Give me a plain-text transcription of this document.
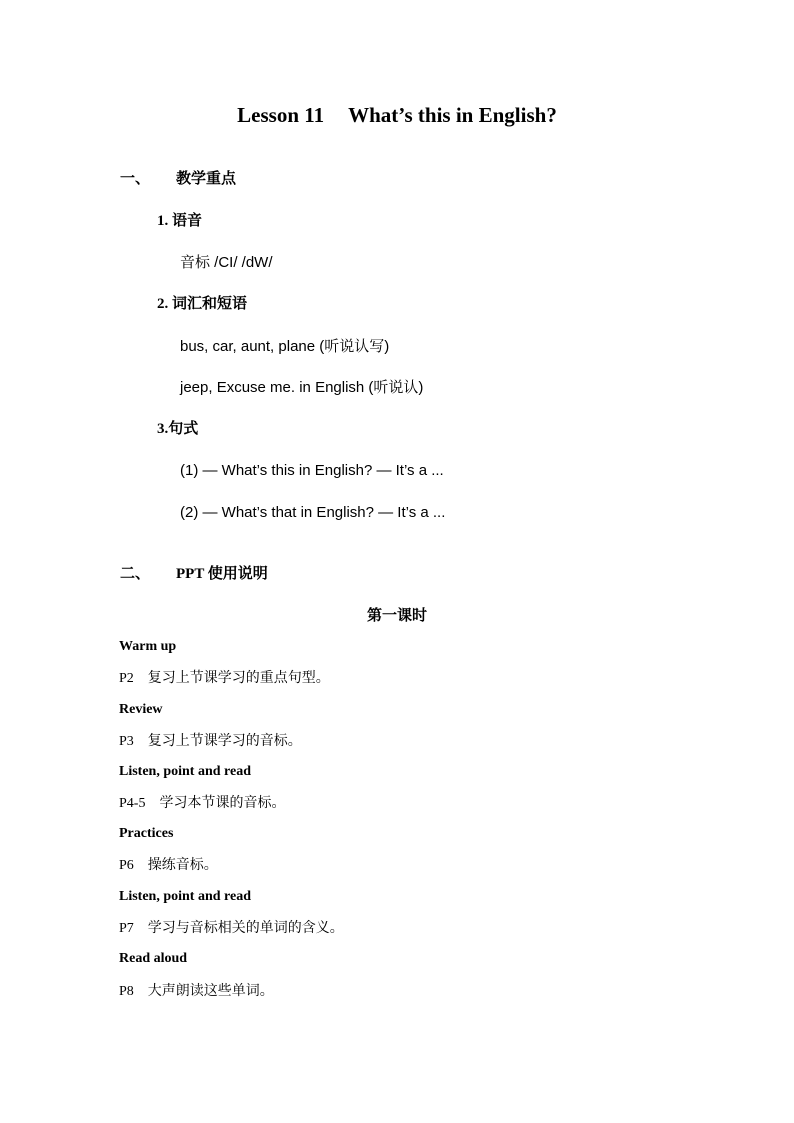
Lesson 11 What’s this in English?
一、 教学重点
1. 语音
音标 /CI/ /dW/
2. 词汇和短语
bus, car, aunt, plane (听说认写)
jeep, Excuse me. in English (听说认)
3.句式
(1) — What’s this in English? — It’s a ...
(2) — What’s that in English? — It’s a ...
二、 PPT 使用说明
第一课时
Warm up
P2 复习上节课学习的重点句型。
Review
P3 复习上节课学习的音标。
Listen, point and read
P4-5 学习本节课的音标。
Practices
P6 操练音标。
Listen, point and read
P7 学习与音标相关的单词的含义。
Read aloud
P8 大声朗读这些单词。
